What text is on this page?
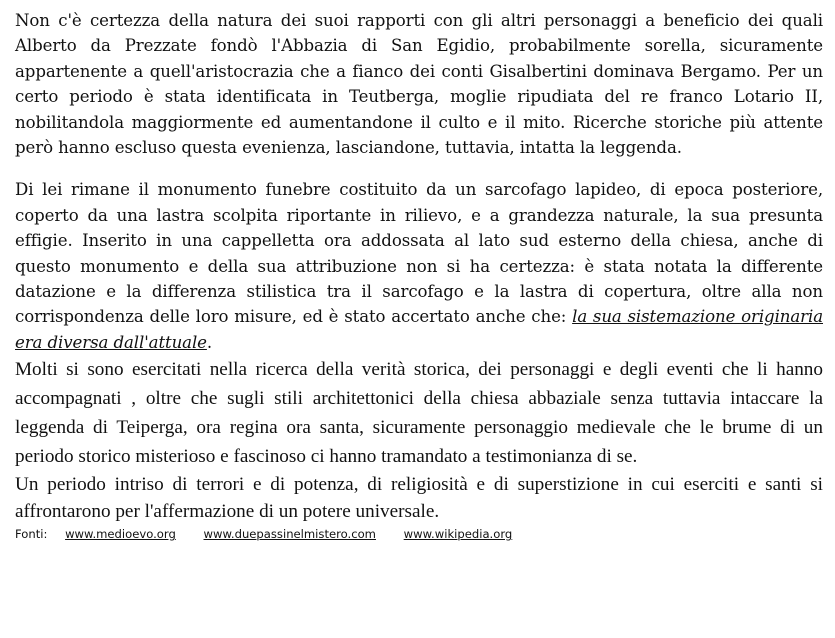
Non c'è certezza della natura dei suoi rapporti con gli altri personaggi a beneficio dei quali Alberto da Prezzate fondò l'Abbazia di San Egidio, probabilmente sorella, sicuramente appartenente a quell'aristocrazia che a fianco dei conti Gisalbertini dominava Bergamo. Per un certo periodo è stata identificata in Teutberga, moglie ripudiata del re franco Lotario II, nobilitandola maggiormente ed aumentandone il culto e il mito. Ricerche storiche più attente però hanno escluso questa evenienza, lasciandone, tuttavia, intatta la leggenda.

Di lei rimane il monumento funebre costituito da un sarcofago lapideo, di epoca posteriore, coperto da una lastra scolpita riportante in rilievo, e a grandezza naturale, la sua presunta effigie. Inserito in una cappelletta ora addossata al lato sud esterno della chiesa, anche di questo monumento e della sua attribuzione non si ha certezza: è stata notata la differente datazione e la differenza stilistica tra il sarcofago e la lastra di copertura, oltre alla non corrispondenza delle loro misure, ed è stato accertato anche che: la sua sistemazione originaria era diversa dall'attuale.

Molti si sono esercitati nella ricerca della verità storica, dei personaggi e degli eventi che li hanno accompagnati , oltre che sugli stili architettonici della chiesa abbaziale senza tuttavia intaccare la leggenda di Teiperga, ora regina ora santa, sicuramente personaggio medievale che le brume di un periodo storico misterioso e fascinoso ci hanno tramandato a testimonianza di se.

Un periodo intriso di terrori e di potenza, di religiosità e di superstizione in cui eserciti e santi si affrontarono per l'affermazione di un potere universale.

Fonti: www.medioevo.org www.duepassinelmistero.com www.wikipedia.org
